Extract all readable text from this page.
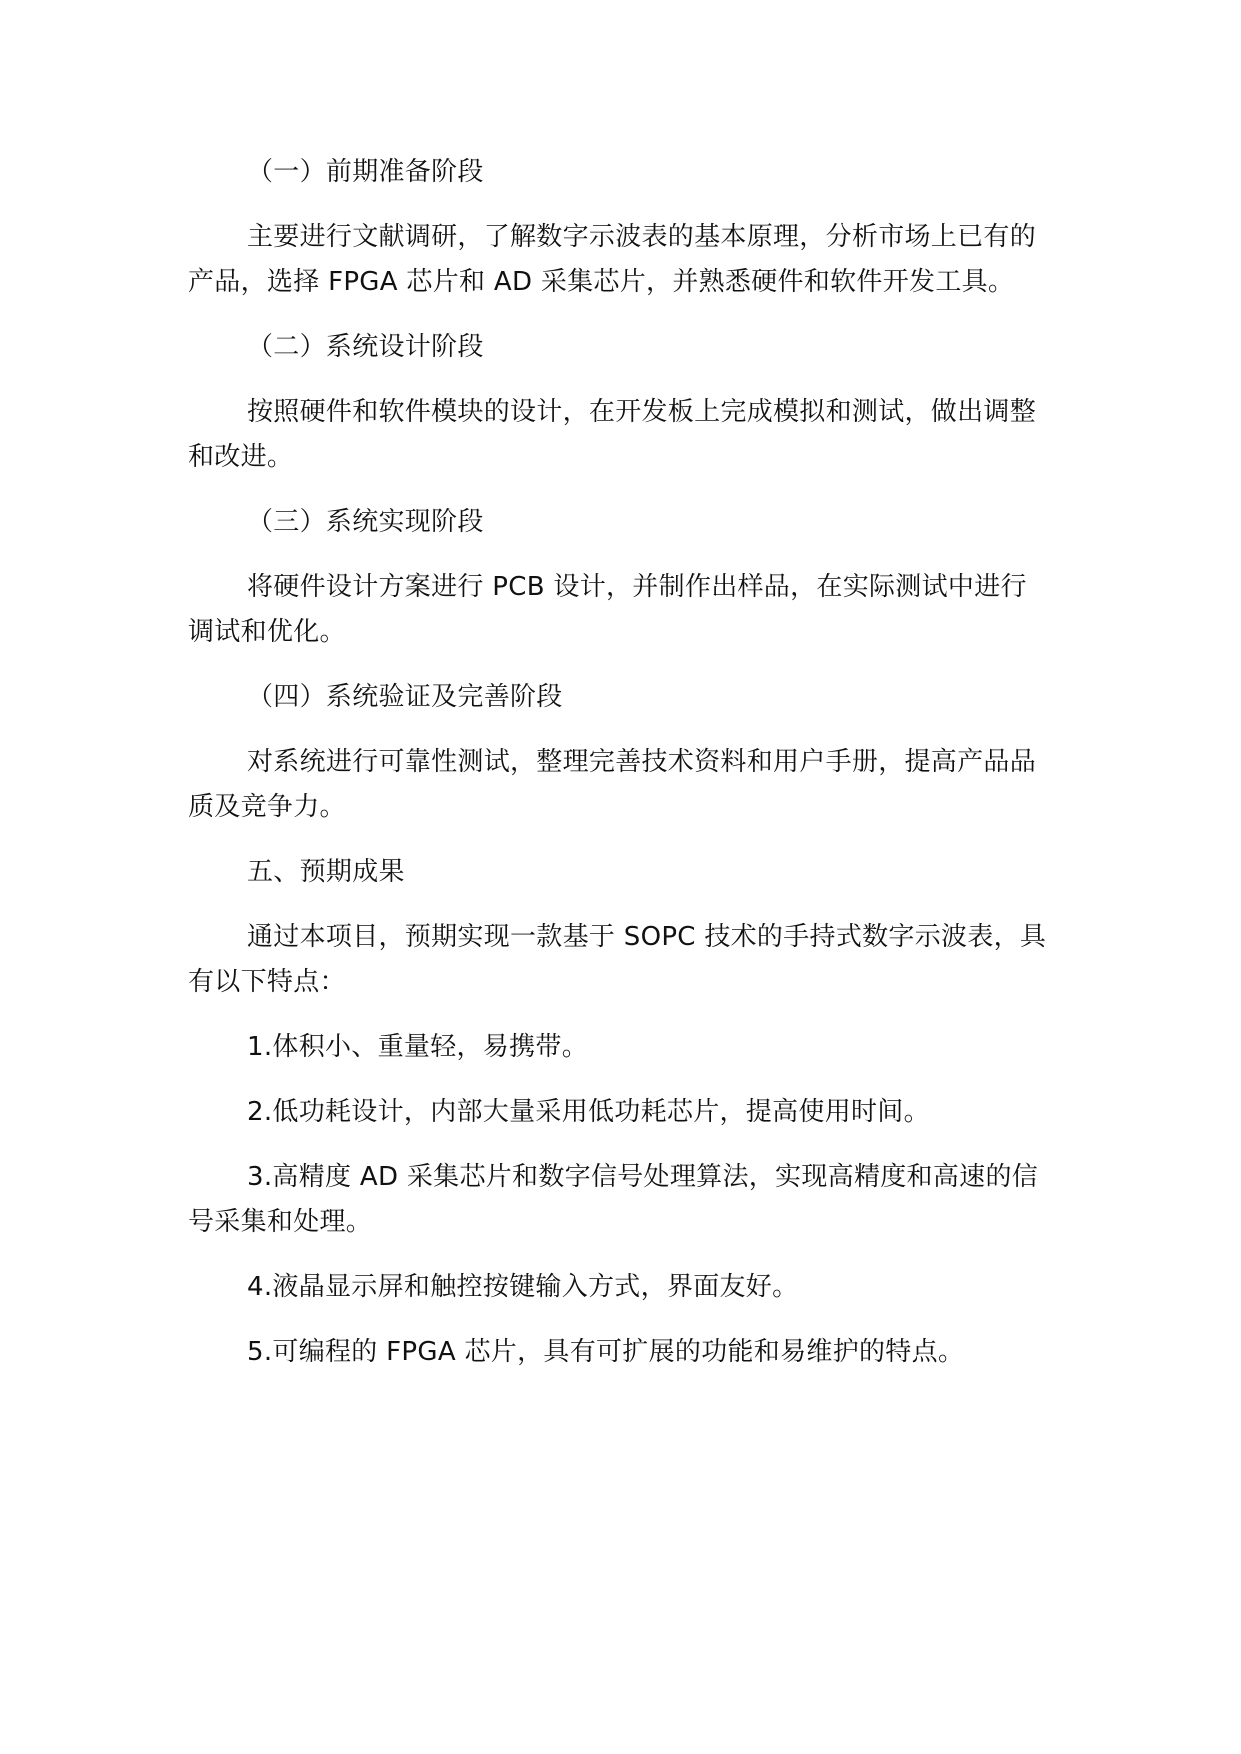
（一）前期准备阶段

主要进行文献调研，了解数字示波表的基本原理，分析市场上已有的产品，选择 FPGA 芯片和 AD 采集芯片，并熟悉硬件和软件开发工具。

（二）系统设计阶段

按照硬件和软件模块的设计，在开发板上完成模拟和测试，做出调整和改进。

（三）系统实现阶段

将硬件设计方案进行 PCB 设计，并制作出样品，在实际测试中进行调试和优化。

（四）系统验证及完善阶段

对系统进行可靠性测试，整理完善技术资料和用户手册，提高产品品质及竞争力。

五、预期成果

通过本项目，预期实现一款基于 SOPC 技术的手持式数字示波表，具有以下特点：

1.体积小、重量轻，易携带。

2.低功耗设计，内部大量采用低功耗芯片，提高使用时间。

3.高精度 AD 采集芯片和数字信号处理算法，实现高精度和高速的信号采集和处理。

4.液晶显示屏和触控按键输入方式，界面友好。

5.可编程的 FPGA 芯片，具有可扩展的功能和易维护的特点。
